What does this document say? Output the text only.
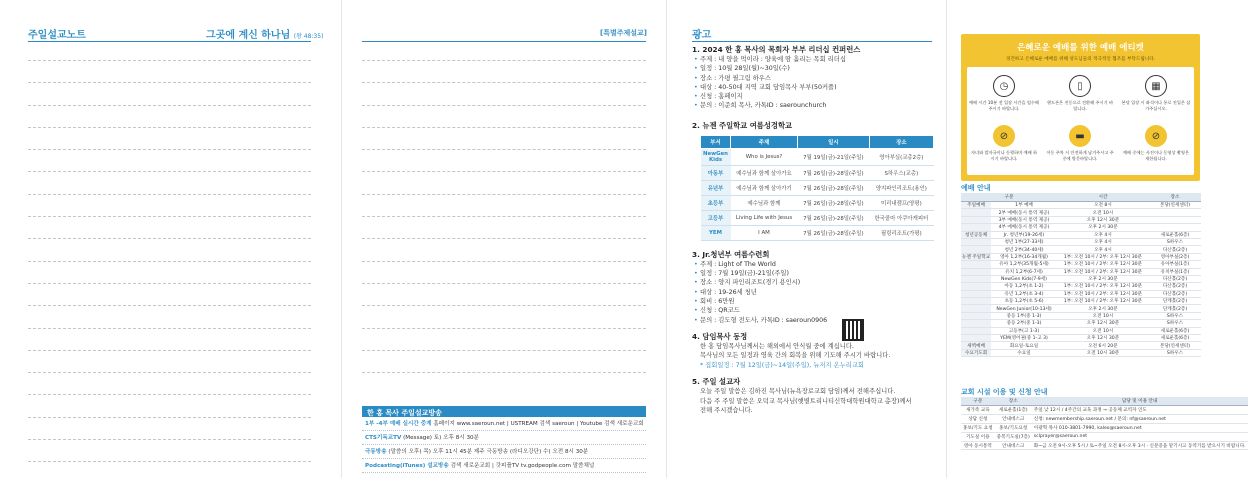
주일설교노트	그곳에 계신 하나님 (왕 48:35)	[특별주제설교]
한 홍 목사 주일설교방송
1부 -4부 예배 실시간 중계 홈페이지 www.saeroun.net | USTREAM 검색 saeroun | Youtube 검색 새로운교회
CTS기독교TV (Message) 토) 오후 8시 30분
극동방송 (말씀의 오후) 목) 오후 11시 45분 제주 극동방송 (라디오강단) 수) 오전 8시 30분
Podcasting(iTunes) 설교방송 검색 새로운교회 | 갓피플TV tv.godpeople.com 말씀채널
광고
1. 2024 한 홍 목사의 목회자 부부 리더십 컨퍼런스
• 주제 : 내 양을 먹이라 : 양육에 땀 흘리는 목회 리더십
• 일정 : 10월 28일(월)~30일(수)
• 장소 : 가평 필그림 하우스
• 대상 : 40-50대 지역 교회 담임목사 부부(50커플)
• 신청 : 홈페이지
• 문의 : 이준희 목사, 카톡ID : saerounchurch
2. 뉴젠 주일학교 여름성경학교
부서	주제	일시	장소
NewGen Kids	Who is Jesus?	7월 19일(금)-21일(주일)	영아부실(교총2층)
아동부	예수님과 함께 살아가요	7월 26일(금)-28일(주일)	S하우스(교총)
유년부	예수님과 함께 살아가기	7월 26일(금)-28일(주일)	양지파인리조트(용인)
초등부	예수님과 함께	7월 26일(금)-28일(주일)	미리내캠프(양평)
고등부	Living Life with Jesus	7월 26일(금)-28일(주일)	한국콜마 아쿠아캐피터
YEM	I AM	7월 26일(금)-28일(주일)	필링리조트(가평)
3. Jr.청년부 여름수련회
• 주제 : Light of The World
• 일정 : 7월 19일(금)-21일(주일)
• 장소 : 양지 파인리조트(경기 용인시)
• 대상 : 19-26세 청년
• 회비 : 6만원
• 신청 : QR코드
• 문의 : 김도형 전도사, 카톡ID : saeroun0906
4. 담임목사 동정
한 홍 담임목사님께서는 해외에서 안식월 중에 계십니다.
목사님의 모든 일정과 영육 간의 회복을 위해 기도해 주시기 바랍니다.
* 집회일정 : 7월 12일(금)~14일(주일), 뉴저지 온누리교회
5. 주일 설교자
오늘 주일 말씀은 김하진 목사님(뉴욕장로교회 담임)께서 전해주십니다.
다음 주 주일 말씀은 오덕교 목사님(햇볕트리니티신학대학원대학교 총장)께서
전해 주시겠습니다.
은혜로운 예배를 위한 예배 에티켓
경건하고 은혜로운 예배를 위해 성도님들의 적극적인 협조를 부탁드립니다.
◷
예배 시간 10분 전 입장 시간을 엄수해 주시기 바랍니다.
▯
핸드폰은 진동으로 전환해 주시기 바랍니다.
▦
본당 입장 시 좌석이나 통로 진입은 삼가주십시오.
⊘
자녀와 발자국이나 동행하며 예배 하시기 바랍니다.
▬
이동 주차 시 안전하게 남겨주시고 주 중에 방문바랍니다.
⊘
예배 중에는 사진이나 동영상 촬영은 제한됩니다.
예배 안내
구분		시간	장소
주일예배	1부 예배	오전 8시	본당(연세센터)
	2부 예배(동시 통역 제공)	오전 10시	
	3부 예배(동시 통역 제공)	오후 12시 30분	
	4부 예배(동시 통역 제공)	오후 2시 30분	
청년공동체	Jr. 청년부(19-26세)	오후 4시	새로운홀(6층)
	청년 1부(27-33세)	오후 4시	S하우스
	청년 2부(34-40세)	오후 4시	다산홀(2층)
뉴젠 주일학교	영아 1,2부(16-34개월)	1부: 오전 10시 / 2부: 오후 12시 30분	영아부실(2층)
	유아 1,2부(35개월-5세)	1부: 오전 10시 / 2부: 오후 12시 30분	유아부실(1층)
	유치 1,2부(6-7세)	1부: 오전 10시 / 2부: 오후 12시 30분	유치부실(1층)
	NewGen Kids(7-9세)	오후 2시 30분	다산홀(2층)
	아동 1,2부(초 1-2)	1부: 오전 10시 / 2부: 오후 12시 30분	다산홀(2층)
	유년 1,2부(초 3-4)	1부: 오전 10시 / 2부: 오후 12시 30분	다산홀(2층)
	초등 1,2부(초 5-6)	1부: 오전 10시 / 2부: 오후 12시 30분	단계홀(2층)
	NewGen Junior(10-13세)	오후 2시 30분	단계홀(2층)
	중등 1부(중 1-3)	오전 10시	S하우스
	중등 2부(중 1-3)	오후 12시 30분	S하우스
	고등부(고 1-3)	오전 10시	새로운홀(6층)
	YEM(영어권(중 1-고 3)	오후 12시 30분	새로운홀(6층)
새벽예배	화요일-토요일	오전 6시 20분	본당(연세센터)
수요기도회	수요일	오전 10시 30분	S하우스
교회 시설 이용 및 신청 안내
구분	장소	담당 및 이용 안내
새가족 교육	새로운홀(1층)	주일 낮 12시 / 4주간의 교육 과정 → 공동체 교역자 인도
상담 신청	안내데스크	신청: newmembership.saeroun.net / 문의: nf@saeroun.net
홍보/기도 요청	홍보/기도요청	이광혁 목사 010-3801-7990, kaleo@saeroun.net
기도실 이용	중복기도실(7층)	sclprayer@saeroun.net
영아 동시통역	안내데스크	화~금 오전 9시-오후 5시 / 토~주일 오전 8시-오후 3시 · 신분증을 맡기시고 동역기를 받으시기 바랍니다.
